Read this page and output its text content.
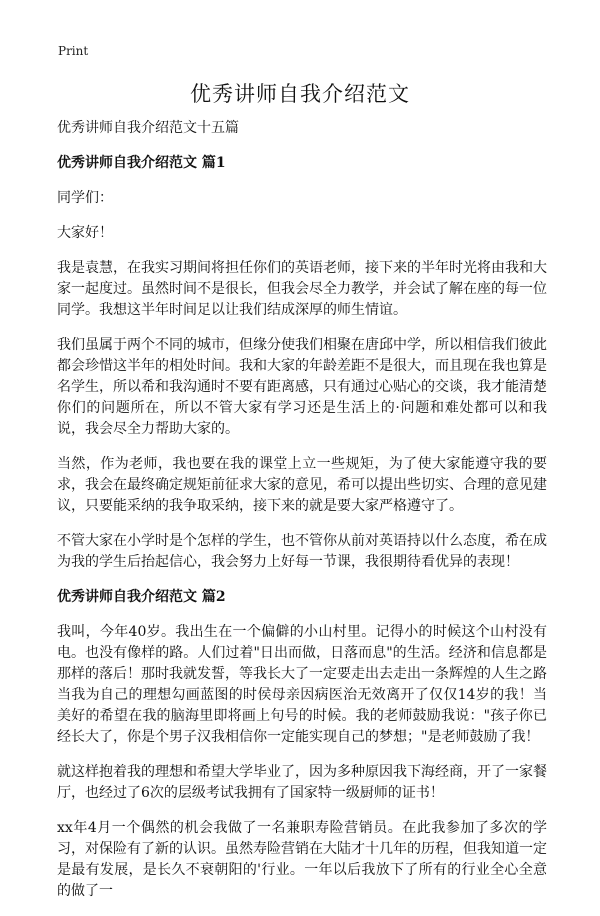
Print
优秀讲师自我介绍范文

优秀讲师自我介绍范文十五篇

优秀讲师自我介绍范文 篇1

同学们：

大家好！

我是袁慧，在我实习期间将担任你们的英语老师，接下来的半年时光将由我和大家一起度过。虽然时间不是很长，但我会尽全力教学，并会试了解在座的每一位同学。我想这半年时间足以让我们结成深厚的师生情谊。

我们虽属于两个不同的城市，但缘分使我们相聚在唐邱中学，所以相信我们彼此都会珍惜这半年的相处时间。我和大家的年龄差距不是很大，而且现在我也算是名学生，所以希和我沟通时不要有距离感，只有通过心贴心的交谈，我才能清楚你们的问题所在，所以不管大家有学习还是生活上的·问题和难处都可以和我说，我会尽全力帮助大家的。

当然，作为老师，我也要在我的课堂上立一些规矩，为了使大家能遵守我的要求，我会在最终确定规矩前征求大家的意见，希可以提出些切实、合理的意见建议，只要能采纳的我争取采纳，接下来的就是要大家严格遵守了。

不管大家在小学时是个怎样的学生，也不管你从前对英语持以什么态度，希在成为我的学生后抬起信心，我会努力上好每一节课，我很期待看优异的表现！

优秀讲师自我介绍范文 篇2

我叫，今年40岁。我出生在一个偏僻的小山村里。记得小的时候这个山村没有电。也没有像样的路。人们过着"日出而做，日落而息"的生活。经济和信息都是那样的落后！那时我就发誓，等我长大了一定要走出去走出一条辉煌的人生之路当我为自己的理想勾画蓝图的时侯母亲因病医治无效离开了仅仅14岁的我！当美好的希望在我的脑海里即将画上句号的时候。我的老师鼓励我说："孩子你已经长大了，你是个男子汉我相信你一定能实现自己的梦想；"是老师鼓励了我！

就这样抱着我的理想和希望大学毕业了，因为多种原因我下海经商，开了一家餐厅，也经过了6次的层级考试我拥有了国家特一级厨师的证书！

xx年4月一个偶然的机会我做了一名兼职寿险营销员。在此我参加了多次的学习，对保险有了新的认识。虽然寿险营销在大陆才十几年的历程，但我知道一定是最有发展，是长久不衰朝阳的'行业。一年以后我放下了所有的行业全心全意的做了一
